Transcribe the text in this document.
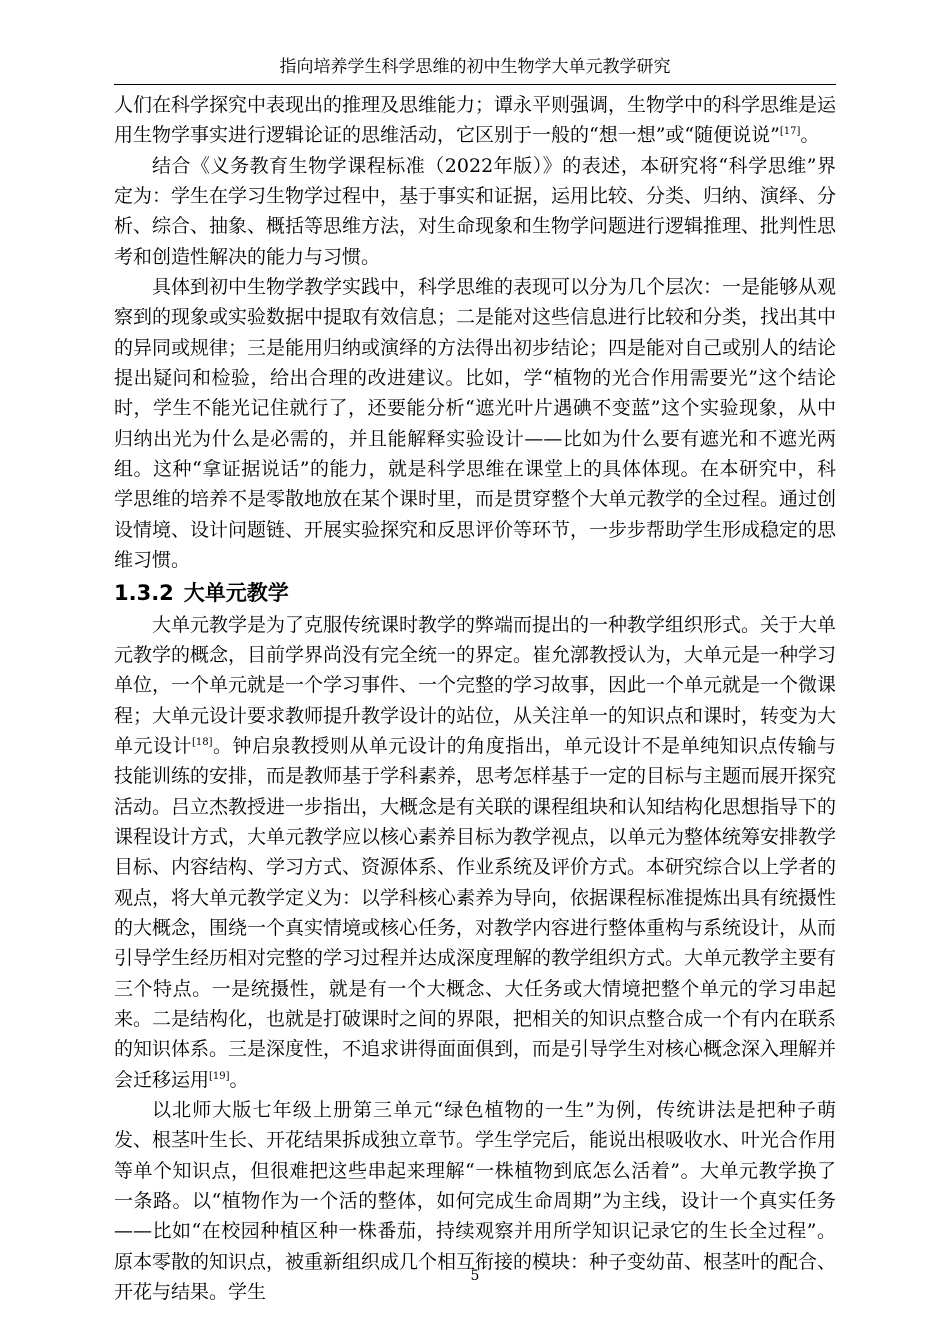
指向培养学生科学思维的初中生物学大单元教学研究

人们在科学探究中表现出的推理及思维能力；谭永平则强调，生物学中的科学思维是运用生物学事实进行逻辑论证的思维活动，它区别于一般的“想一想”或“随便说说”[17]。

结合《义务教育生物学课程标准（2022年版）》的表述，本研究将“科学思维”界定为：学生在学习生物学过程中，基于事实和证据，运用比较、分类、归纳、演绎、分析、综合、抽象、概括等思维方法，对生命现象和生物学问题进行逻辑推理、批判性思考和创造性解决的能力与习惯。

具体到初中生物学教学实践中，科学思维的表现可以分为几个层次：一是能够从观察到的现象或实验数据中提取有效信息；二是能对这些信息进行比较和分类，找出其中的异同或规律；三是能用归纳或演绎的方法得出初步结论；四是能对自己或别人的结论提出疑问和检验，给出合理的改进建议。比如，学“植物的光合作用需要光”这个结论时，学生不能光记住就行了，还要能分析“遮光叶片遇碘不变蓝”这个实验现象，从中归纳出光为什么是必需的，并且能解释实验设计——比如为什么要有遮光和不遮光两组。这种“拿证据说话”的能力，就是科学思维在课堂上的具体体现。在本研究中，科学思维的培养不是零散地放在某个课时里，而是贯穿整个大单元教学的全过程。通过创设情境、设计问题链、开展实验探究和反思评价等环节，一步步帮助学生形成稳定的思维习惯。

1.3.2 大单元教学

大单元教学是为了克服传统课时教学的弊端而提出的一种教学组织形式。关于大单元教学的概念，目前学界尚没有完全统一的界定。崔允漷教授认为，大单元是一种学习单位，一个单元就是一个学习事件、一个完整的学习故事，因此一个单元就是一个微课程；大单元设计要求教师提升教学设计的站位，从关注单一的知识点和课时，转变为大单元设计[18]。钟启泉教授则从单元设计的角度指出，单元设计不是单纯知识点传输与技能训练的安排，而是教师基于学科素养，思考怎样基于一定的目标与主题而展开探究活动。吕立杰教授进一步指出，大概念是有关联的课程组块和认知结构化思想指导下的课程设计方式，大单元教学应以核心素养目标为教学视点，以单元为整体统筹安排教学目标、内容结构、学习方式、资源体系、作业系统及评价方式。本研究综合以上学者的观点，将大单元教学定义为：以学科核心素养为导向，依据课程标准提炼出具有统摄性的大概念，围绕一个真实情境或核心任务，对教学内容进行整体重构与系统设计，从而引导学生经历相对完整的学习过程并达成深度理解的教学组织方式。大单元教学主要有三个特点。一是统摄性，就是有一个大概念、大任务或大情境把整个单元的学习串起来。二是结构化，也就是打破课时之间的界限，把相关的知识点整合成一个有内在联系的知识体系。三是深度性，不追求讲得面面俱到，而是引导学生对核心概念深入理解并会迁移运用[19]。

以北师大版七年级上册第三单元“绿色植物的一生”为例，传统讲法是把种子萌发、根茎叶生长、开花结果拆成独立章节。学生学完后，能说出根吸收水、叶光合作用等单个知识点，但很难把这些串起来理解“一株植物到底怎么活着”。大单元教学换了一条路。以“植物作为一个活的整体，如何完成生命周期”为主线，设计一个真实任务——比如“在校园种植区种一株番茄，持续观察并用所学知识记录它的生长全过程”。原本零散的知识点，被重新组织成几个相互衔接的模块：种子变幼苗、根茎叶的配合、开花与结果。学生

5
